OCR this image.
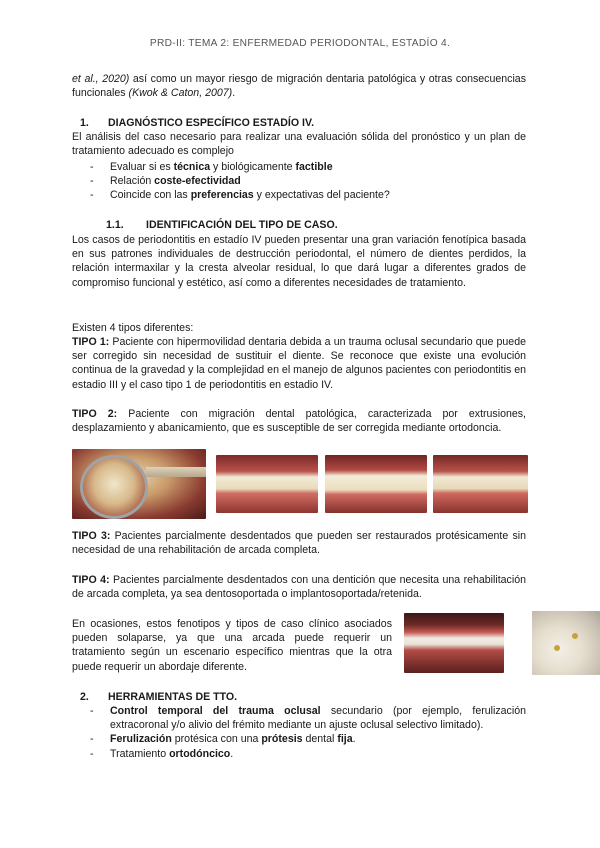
PRD-II: TEMA 2: ENFERMEDAD PERIODONTAL, ESTADÍO 4.
et al., 2020) así como un mayor riesgo de migración dentaria patológica y otras consecuencias funcionales (Kwok & Caton, 2007).
1. DIAGNÓSTICO ESPECÍFICO ESTADÍO IV.
El análisis del caso necesario para realizar una evaluación sólida del pronóstico y un plan de tratamiento adecuado es complejo
- Evaluar si es técnica y biológicamente factible
- Relación coste-efectividad
- Coincide con las preferencias y expectativas del paciente?
1.1. IDENTIFICACIÓN DEL TIPO DE CASO.
Los casos de periodontitis en estadío IV pueden presentar una gran variación fenotípica basada en sus patrones individuales de destrucción periodontal, el número de dientes perdidos, la relación intermaxilar y la cresta alveolar residual, lo que dará lugar a diferentes grados de compromiso funcional y estético, así como a diferentes necesidades de tratamiento.
Existen 4 tipos diferentes:
TIPO 1: Paciente con hipermovilidad dentaria debida a un trauma oclusal secundario que puede ser corregido sin necesidad de sustituir el diente. Se reconoce que existe una evolución continua de la gravedad y la complejidad en el manejo de algunos pacientes con periodontitis en estadio III y el caso tipo 1 de periodontitis en estadio IV.
TIPO 2: Paciente con migración dental patológica, caracterizada por extrusiones, desplazamiento y abanicamiento, que es susceptible de ser corregida mediante ortodoncia.
TIPO 3: Pacientes parcialmente desdentados que pueden ser restaurados protésicamente sin necesidad de una rehabilitación de arcada completa.
TIPO 4: Pacientes parcialmente desdentados con una dentición que necesita una rehabilitación de arcada completa, ya sea dentosoportada o implantosoportada/retenida.
En ocasiones, estos fenotipos y tipos de caso clínico asociados pueden solaparse, ya que una arcada puede requerir un tratamiento según un escenario específico mientras que la otra puede requerir un abordaje diferente.
2. HERRAMIENTAS DE TTO.
- Control temporal del trauma oclusal secundario (por ejemplo, ferulización extracoronal y/o alivio del frémito mediante un ajuste oclusal selectivo limitado).
- Ferulización protésica con una prótesis dental fija.
- Tratamiento ortodóncico.
